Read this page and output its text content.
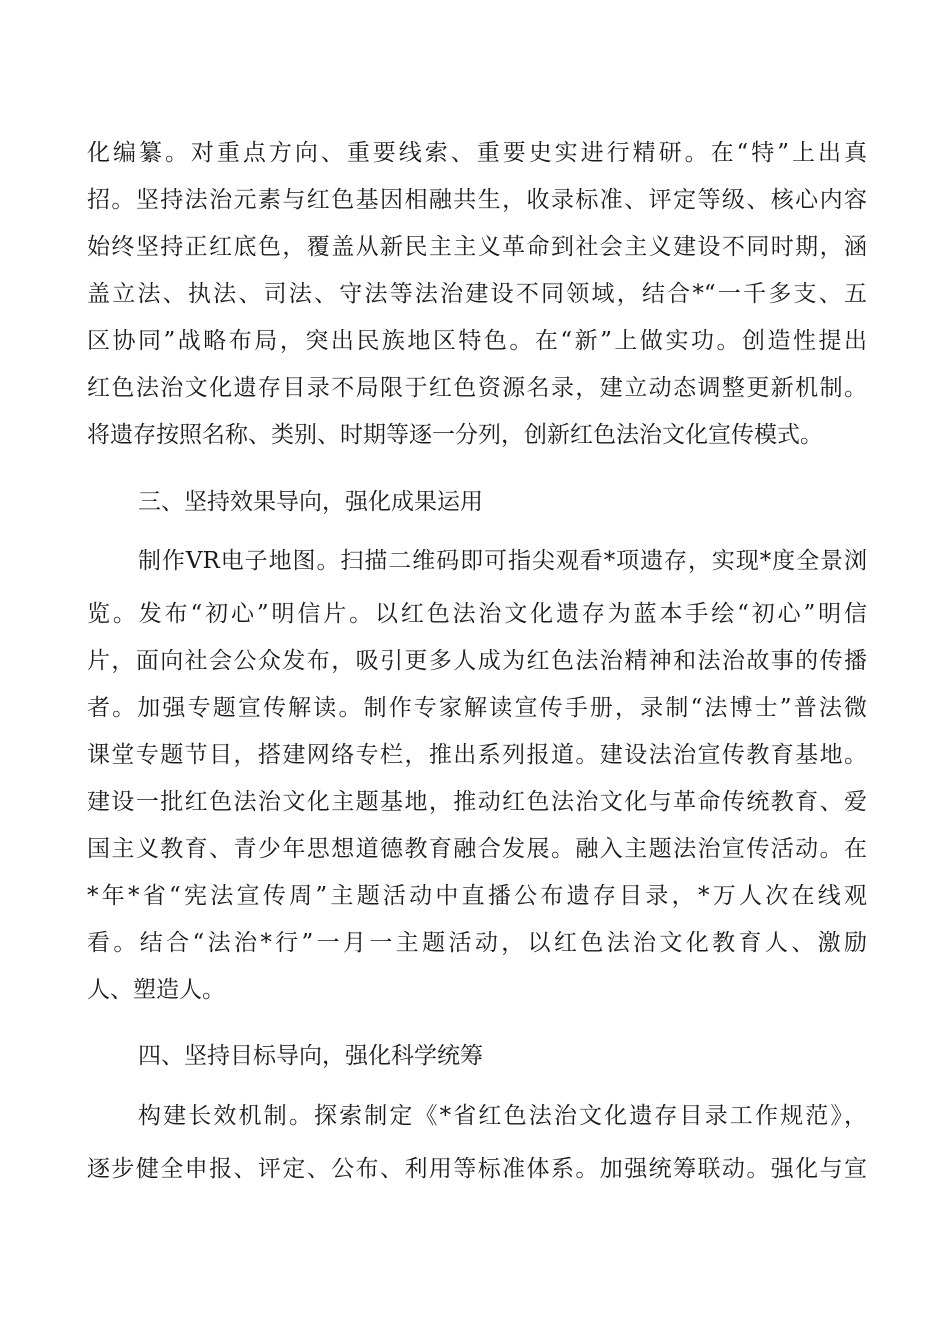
化编纂。对重点方向、重要线索、重要史实进行精研。在“特”上出真

招。坚持法治元素与红色基因相融共生，收录标准、评定等级、核心内容

始终坚持正红底色，覆盖从新民主主义革命到社会主义建设不同时期，涵

盖立法、执法、司法、守法等法治建设不同领域，结合*“一千多支、五

区协同”战略布局，突出民族地区特色。在“新”上做实功。创造性提出

红色法治文化遗存目录不局限于红色资源名录，建立动态调整更新机制。

将遗存按照名称、类别、时期等逐一分列，创新红色法治文化宣传模式。

三、坚持效果导向，强化成果运用

制作VR电子地图。扫描二维码即可指尖观看*项遗存，实现*度全景浏

览。发布“初心”明信片。以红色法治文化遗存为蓝本手绘“初心”明信

片，面向社会公众发布，吸引更多人成为红色法治精神和法治故事的传播

者。加强专题宣传解读。制作专家解读宣传手册，录制“法博士”普法微

课堂专题节目，搭建网络专栏，推出系列报道。建设法治宣传教育基地。

建设一批红色法治文化主题基地，推动红色法治文化与革命传统教育、爱

国主义教育、青少年思想道德教育融合发展。融入主题法治宣传活动。在

*年*省“宪法宣传周”主题活动中直播公布遗存目录，*万人次在线观

看。结合“法治*行”一月一主题活动，以红色法治文化教育人、激励

人、塑造人。

四、坚持目标导向，强化科学统筹

构建长效机制。探索制定《*省红色法治文化遗存目录工作规范》，

逐步健全申报、评定、公布、利用等标准体系。加强统筹联动。强化与宣
